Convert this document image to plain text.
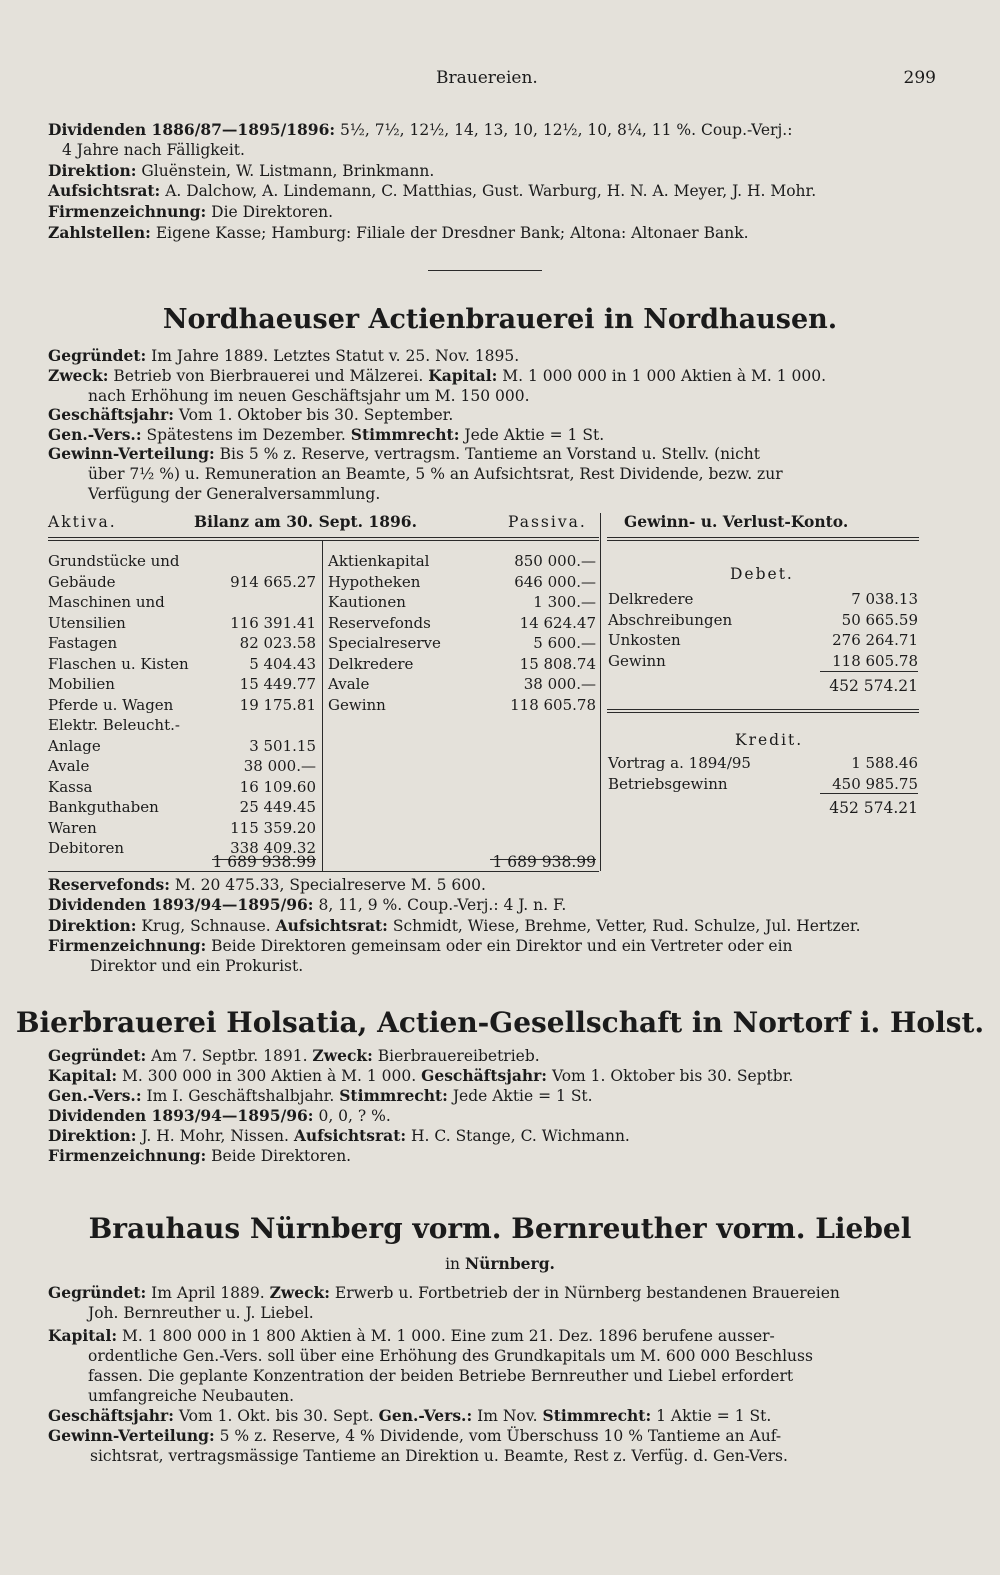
Brauereien.	299
Dividenden 1886/87—1895/1896: 5½, 7½, 12½, 14, 13, 10, 12½, 10, 8¼, 11 %. Coup.-Verj.:
4 Jahre nach Fälligkeit.
Direktion: Gluënstein, W. Listmann, Brinkmann.
Aufsichtsrat: A. Dalchow, A. Lindemann, C. Matthias, Gust. Warburg, H. N. A. Meyer, J. H. Mohr.
Firmenzeichnung: Die Direktoren.
Zahlstellen: Eigene Kasse; Hamburg: Filiale der Dresdner Bank; Altona: Altonaer Bank.
Nordhaeuser Actienbrauerei in Nordhausen.
Gegründet: Im Jahre 1889. Letztes Statut v. 25. Nov. 1895.
Zweck: Betrieb von Bierbrauerei und Mälzerei. Kapital: M. 1 000 000 in 1 000 Aktien à M. 1 000.
nach Erhöhung im neuen Geschäftsjahr um M. 150 000.
Geschäftsjahr: Vom 1. Oktober bis 30. September.
Gen.-Vers.: Spätestens im Dezember. Stimmrecht: Jede Aktie = 1 St.
Gewinn-Verteilung: Bis 5 % z. Reserve, vertragsm. Tantieme an Vorstand u. Stellv. (nicht
über 7½ %) u. Remuneration an Beamte, 5 % an Aufsichtsrat, Rest Dividende, bezw. zur
Verfügung der Generalversammlung.
Aktiva.	Bilanz am 30. Sept. 1896.	Passiva. Gewinn- u. Verlust-Konto.
Grundstücke und
Gebäude	914 665.27
Maschinen und
Utensilien	116 391.41
Fastagen	82 023.58
Flaschen u. Kisten	5 404.43
Mobilien	15 449.77
Pferde u. Wagen	19 175.81
Elektr. Beleucht.-
Anlage	3 501.15
Avale	38 000.—
Kassa	16 109.60
Bankguthaben	25 449.45
Waren	115 359.20
Debitoren	338 409.32
1 689 938.99
Aktienkapital	850 000.—
Hypotheken	646 000.—
Kautionen	1 300.—
Reservefonds	14 624.47
Specialreserve	5 600.—
Delkredere	15 808.74
Avale	38 000.—
Gewinn	118 605.78
1 689 938.99
Debet.
Delkredere	7 038.13
Abschreibungen	50 665.59
Unkosten	276 264.71
Gewinn	118 605.78
452 574.21
Kredit.
Vortrag a. 1894/95	1 588.46
Betriebsgewinn	450 985.75
452 574.21
Reservefonds: M. 20 475.33, Specialreserve M. 5 600.
Dividenden 1893/94—1895/96: 8, 11, 9 %. Coup.-Verj.: 4 J. n. F.
Direktion: Krug, Schnause. Aufsichtsrat: Schmidt, Wiese, Brehme, Vetter, Rud. Schulze, Jul. Hertzer.
Firmenzeichnung: Beide Direktoren gemeinsam oder ein Direktor und ein Vertreter oder ein
Direktor und ein Prokurist.
Bierbrauerei Holsatia, Actien-Gesellschaft in Nortorf i. Holst.
Gegründet: Am 7. Septbr. 1891. Zweck: Bierbrauereibetrieb.
Kapital: M. 300 000 in 300 Aktien à M. 1 000. Geschäftsjahr: Vom 1. Oktober bis 30. Septbr.
Gen.-Vers.: Im I. Geschäftshalbjahr. Stimmrecht: Jede Aktie = 1 St.
Dividenden 1893/94—1895/96: 0, 0, ? %.
Direktion: J. H. Mohr, Nissen. Aufsichtsrat: H. C. Stange, C. Wichmann.
Firmenzeichnung: Beide Direktoren.
Brauhaus Nürnberg vorm. Bernreuther vorm. Liebel
in Nürnberg.
Gegründet: Im April 1889. Zweck: Erwerb u. Fortbetrieb der in Nürnberg bestandenen Brauereien
Joh. Bernreuther u. J. Liebel.
Kapital: M. 1 800 000 in 1 800 Aktien à M. 1 000. Eine zum 21. Dez. 1896 berufene ausser-
ordentliche Gen.-Vers. soll über eine Erhöhung des Grundkapitals um M. 600 000 Beschluss
fassen. Die geplante Konzentration der beiden Betriebe Bernreuther und Liebel erfordert
umfangreiche Neubauten.
Geschäftsjahr: Vom 1. Okt. bis 30. Sept. Gen.-Vers.: Im Nov. Stimmrecht: 1 Aktie = 1 St.
Gewinn-Verteilung: 5 % z. Reserve, 4 % Dividende, vom Überschuss 10 % Tantieme an Auf-
sichtsrat, vertragsmässige Tantieme an Direktion u. Beamte, Rest z. Verfüg. d. Gen-Vers.
